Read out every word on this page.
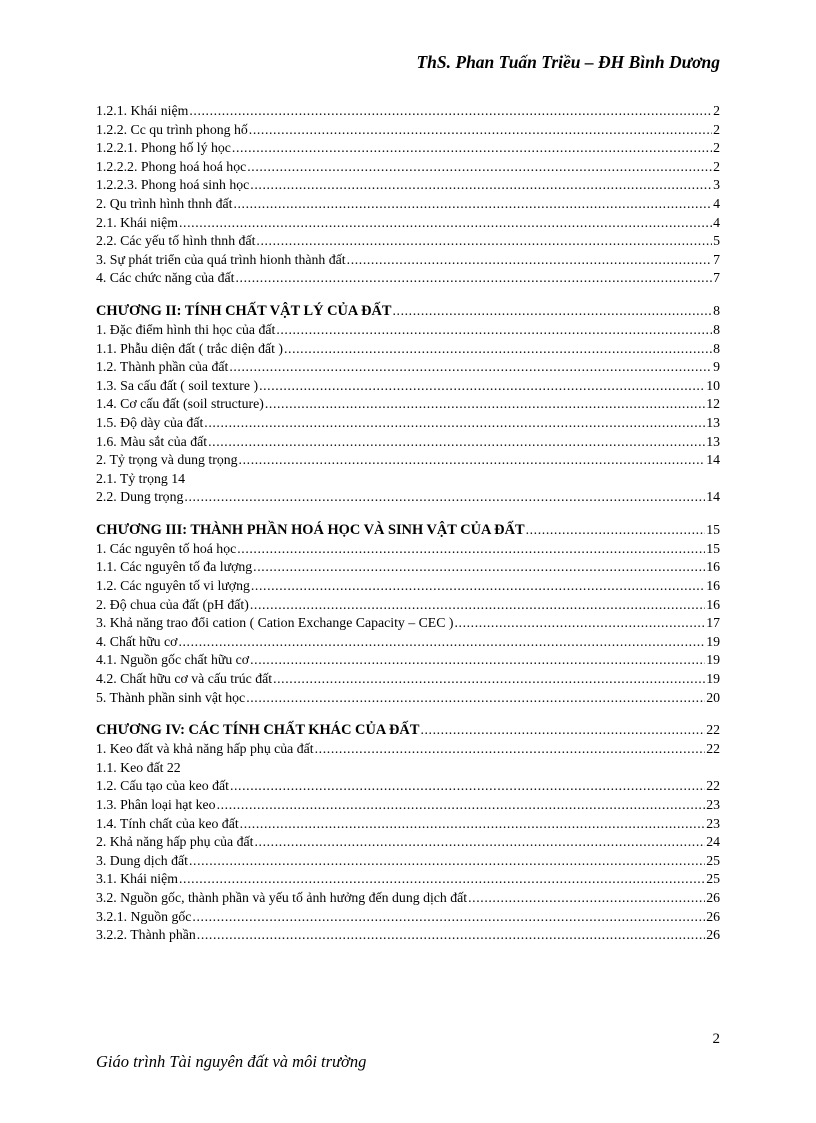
ThS. Phan Tuấn Triều – ĐH Bình Dương
1.2.1. Khái niệm .....	2
1.2.2. Cc qu trình phong hố .....	2
1.2.2.1. Phong hố lý học .....	2
1.2.2.2. Phong hoá hoá học .....	2
1.2.2.3. Phong hoá sinh học .....	3
2. Qu trình hình thnh đất .....	4
2.1. Khái niệm .....	4
2.2. Các yếu tố hình thnh đất .....	5
3. Sự phát triển của quá trình hionh thành đất .....	7
4. Các chức năng của đất .....	7
CHƯƠNG II: TÍNH CHẤT VẬT LÝ CỦA ĐẤT .....	8
1. Đặc điểm hình thi học của đất .....	8
1.1. Phẫu diện đất ( trắc diện đất ) .....	8
1.2. Thành phần của đất .....	9
1.3. Sa cấu đất ( soil texture ) .....	10
1.4. Cơ cấu đất (soil structure) .....	12
1.5. Độ dày của đất .....	13
1.6. Màu sắt của đất .....	13
2. Tỷ trọng và dung trọng .....	14
2.1. Tỷ trọng 14
2.2. Dung trọng .....	14
CHƯƠNG III: THÀNH PHẦN HOÁ HỌC VÀ SINH VẬT CỦA ĐẤT .....	15
1. Các nguyên tố hoá học .....	15
1.1. Các nguyên tố đa lượng .....	16
1.2. Các nguyên tố vi lượng .....	16
2. Độ chua của đất (pH đất) .....	16
3. Khả năng trao đổi cation ( Cation Exchange Capacity – CEC ) .....	17
4. Chất hữu cơ .....	19
4.1. Nguồn gốc chất hữu cơ .....	19
4.2. Chất hữu cơ và cấu trúc đất .....	19
5. Thành phần sinh vật học .....	20
CHƯƠNG IV: CÁC TÍNH CHẤT KHÁC CỦA ĐẤT .....	22
1. Keo đất và khả năng hấp phụ của đất .....	22
1.1. Keo đất 22
1.2. Cấu tạo của keo đất .....	22
1.3. Phân loại hạt keo .....	23
1.4. Tính chất của keo đất .....	23
2. Khả năng hấp phụ của đất .....	24
3. Dung dịch đất .....	25
3.1. Khái niệm .....	25
3.2. Nguồn gốc, thành phần và yếu tố ảnh hưởng đến dung dịch đất .....	26
3.2.1. Nguồn gốc .....	26
3.2.2. Thành phần .....	26
2
Giáo trình Tài nguyên đất và môi trường
